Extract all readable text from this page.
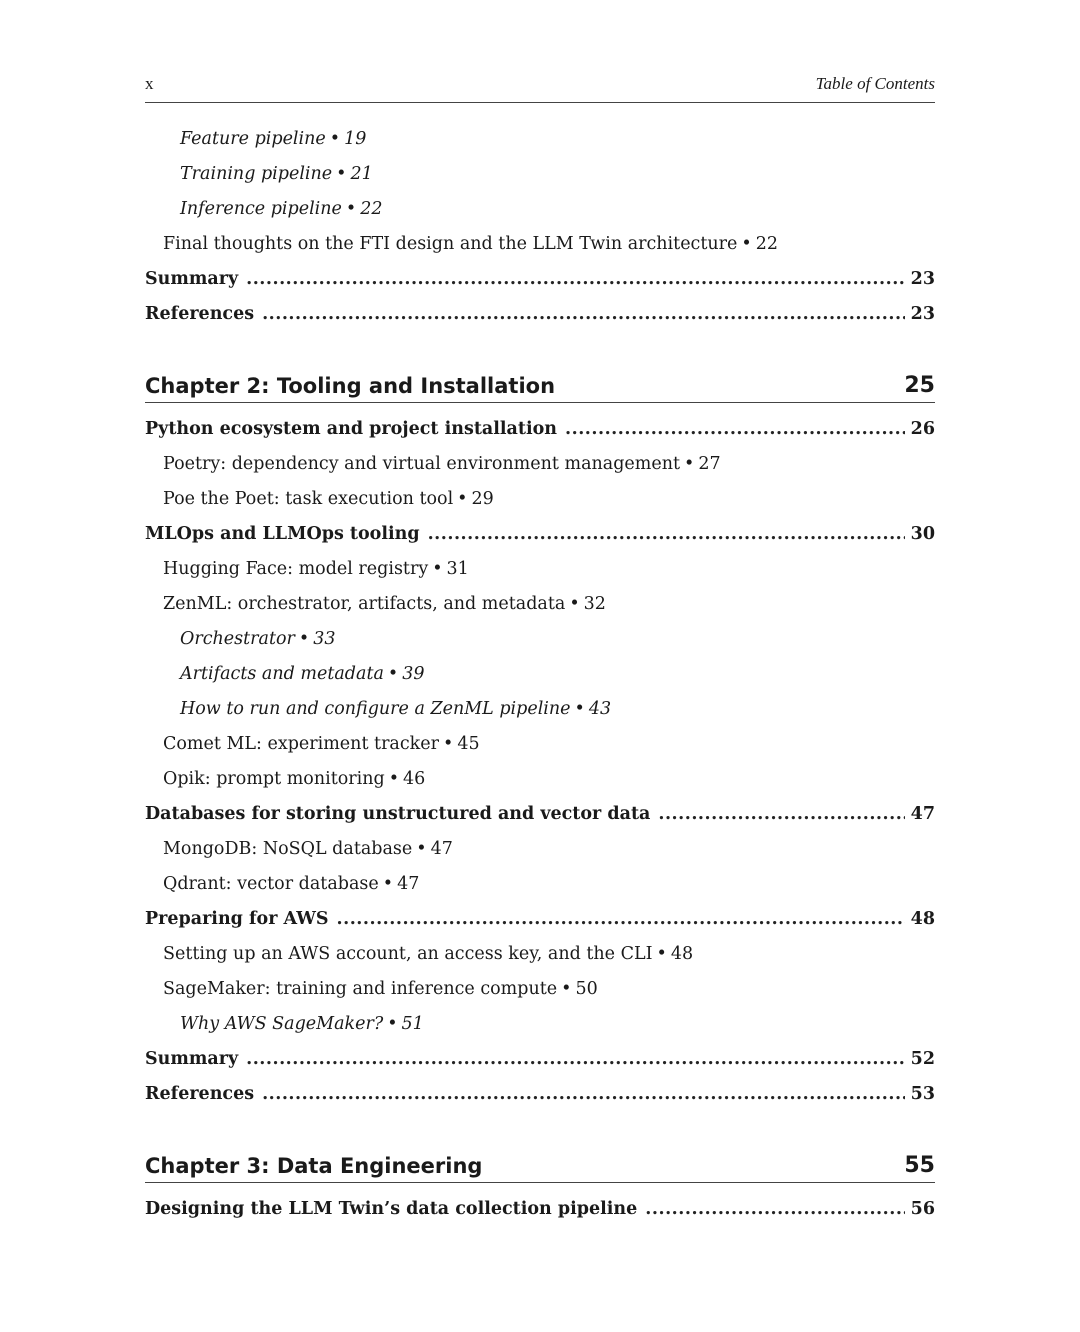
x	Table of Contents
Feature pipeline • 19
Training pipeline • 21
Inference pipeline • 22
Final thoughts on the FTI design and the LLM Twin architecture • 22
Summary .....	23
References .....	23
Chapter 2: Tooling and Installation	25
Python ecosystem and project installation .....	26
Poetry: dependency and virtual environment management • 27
Poe the Poet: task execution tool • 29
MLOps and LLMOps tooling .....	30
Hugging Face: model registry • 31
ZenML: orchestrator, artifacts, and metadata • 32
Orchestrator • 33
Artifacts and metadata • 39
How to run and configure a ZenML pipeline • 43
Comet ML: experiment tracker • 45
Opik: prompt monitoring • 46
Databases for storing unstructured and vector data .....	47
MongoDB: NoSQL database • 47
Qdrant: vector database • 47
Preparing for AWS .....	48
Setting up an AWS account, an access key, and the CLI • 48
SageMaker: training and inference compute • 50
Why AWS SageMaker? • 51
Summary .....	52
References .....	53
Chapter 3: Data Engineering	55
Designing the LLM Twin’s data collection pipeline .....	56
